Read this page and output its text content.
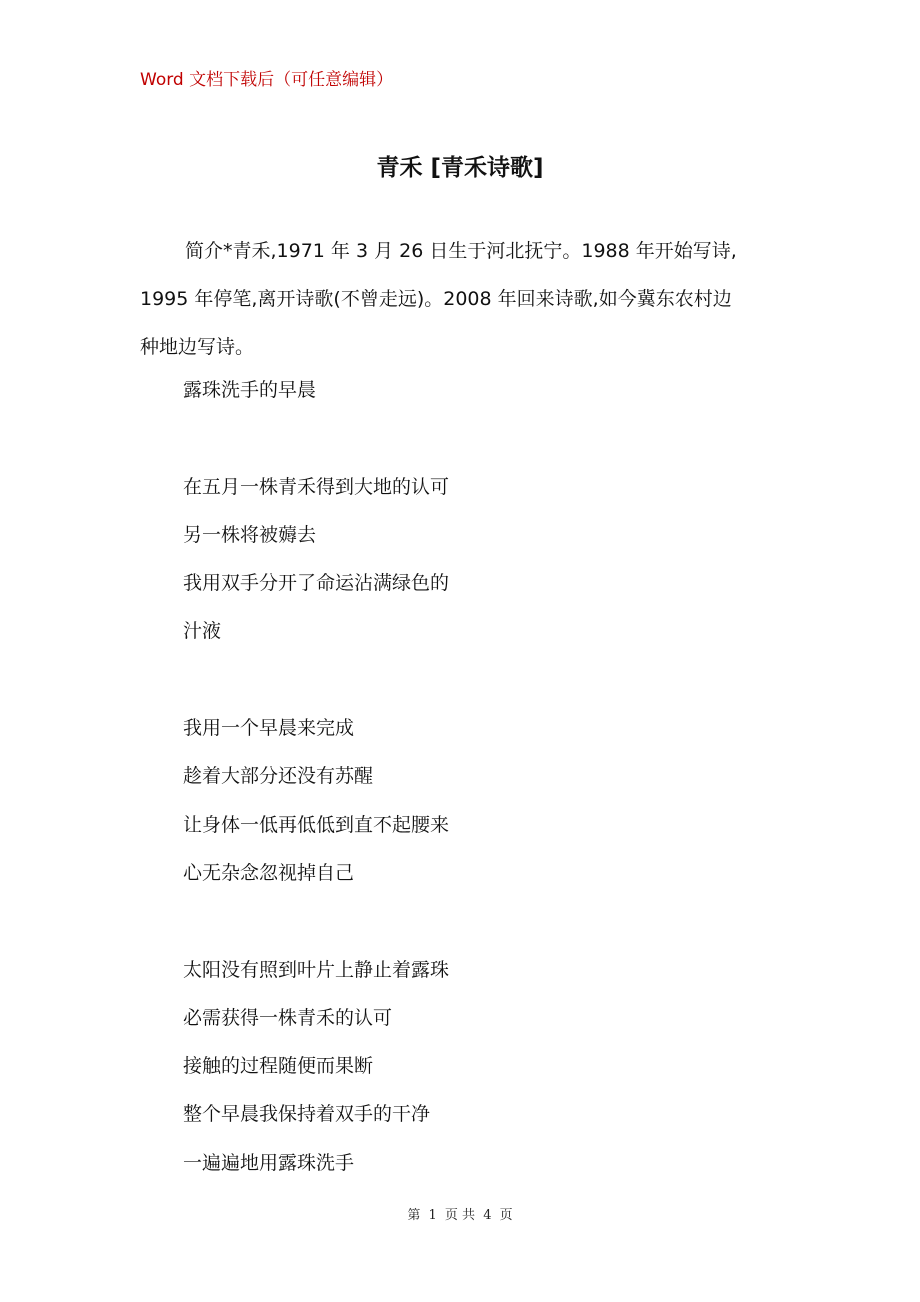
Word 文档下载后（可任意编辑）
青禾 [青禾诗歌]
简介*青禾,1971 年 3 月 26 日生于河北抚宁。1988 年开始写诗,
1995 年停笔,离开诗歌(不曾走远)。2008 年回来诗歌,如今冀东农村边
种地边写诗。
露珠洗手的早晨
在五月一株青禾得到大地的认可
另一株将被薅去
我用双手分开了命运沾满绿色的
汁液
我用一个早晨来完成
趁着大部分还没有苏醒
让身体一低再低低到直不起腰来
心无杂念忽视掉自己
太阳没有照到叶片上静止着露珠
必需获得一株青禾的认可
接触的过程随便而果断
整个早晨我保持着双手的干净
一遍遍地用露珠洗手
第 1 页 共 4 页
